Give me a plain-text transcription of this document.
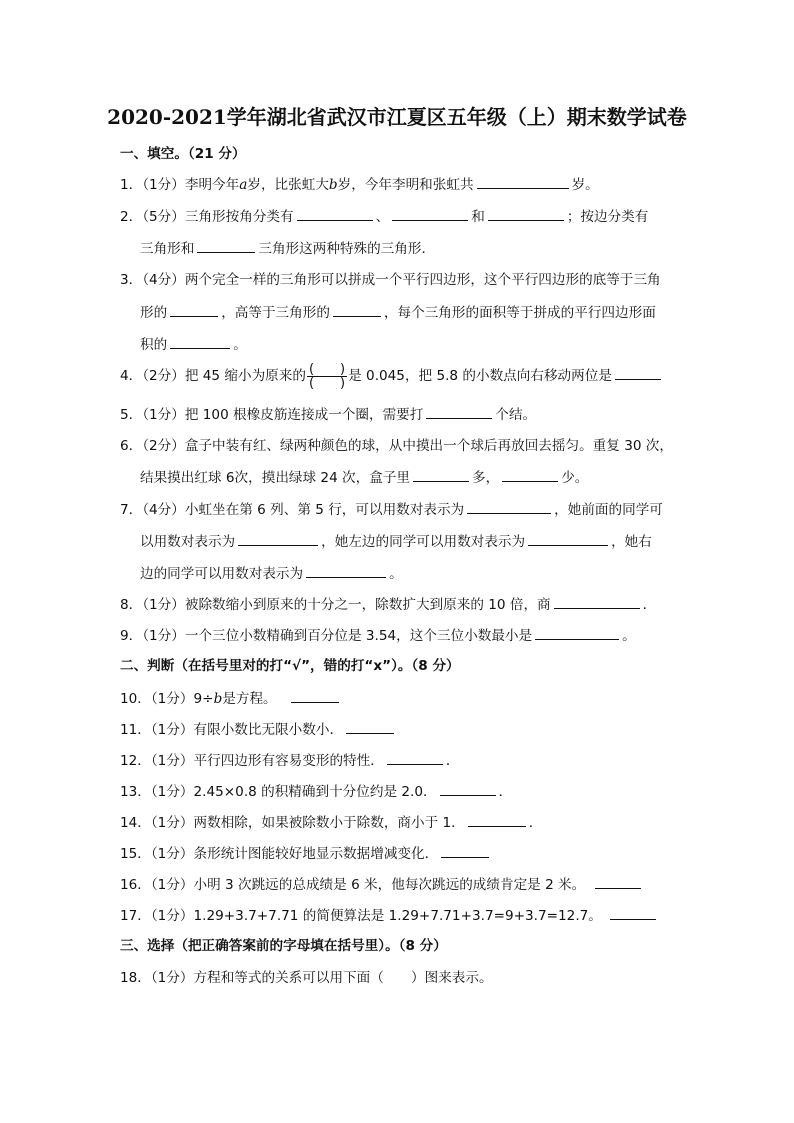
2020-2021学年湖北省武汉市江夏区五年级（上）期末数学试卷
一、填空。（21 分）
1．（1分）李明今年a岁，比张虹大b岁，今年李明和张虹共	岁。
2．（5分）三角形按角分类有	、	和	；按边分类有
三角形和	三角形这两种特殊的三角形．
3．（4分）两个完全一样的三角形可以拼成一个平行四边形，这个平行四边形的底等于三角
形的	，高等于三角形的	，每个三角形的面积等于拼成的平行四边形面
积的	。
4．（2分）把 45 缩小为原来的 $\frac{( )}{( )}$ 是 0.045，把 5.8 的小数点向右移动两位是
5．（1分）把 100 根橡皮筋连接成一个圈，需要打	个结。
6．（2分）盒子中装有红、绿两种颜色的球，从中摸出一个球后再放回去摇匀。重复 30 次，
结果摸出红球 6次，摸出绿球 24 次，盒子里	多，	少。
7．（4分）小虹坐在第 6 列、第 5 行，可以用数对表示为	，她前面的同学可
以用数对表示为	，她左边的同学可以用数对表示为	，她右
边的同学可以用数对表示为	。
8．（1分）被除数缩小到原来的十分之一，除数扩大到原来的 10 倍，商	．
9．（1分）一个三位小数精确到百分位是 3.54，这个三位小数最小是	。
二、判断（在括号里对的打“√”，错的打“x”）。（8 分）
10．（1分）9÷b是方程。
11．（1分）有限小数比无限小数小．
12．（1分）平行四边形有容易变形的特性．	．
13．（1分）2.45×0.8 的积精确到十分位约是 2.0．	．
14．（1分）两数相除，如果被除数小于除数，商小于 1．	．
15．（1分）条形统计图能较好地显示数据增减变化．
16．（1分）小明 3 次跳远的总成绩是 6 米，他每次跳远的成绩肯定是 2 米。
17．（1分）1.29+3.7+7.71 的简便算法是 1.29+7.71+3.7=9+3.7=12.7。
三、选择（把正确答案前的字母填在括号里）。（8 分）
18．（1分）方程和等式的关系可以用下面（　　）图来表示。
